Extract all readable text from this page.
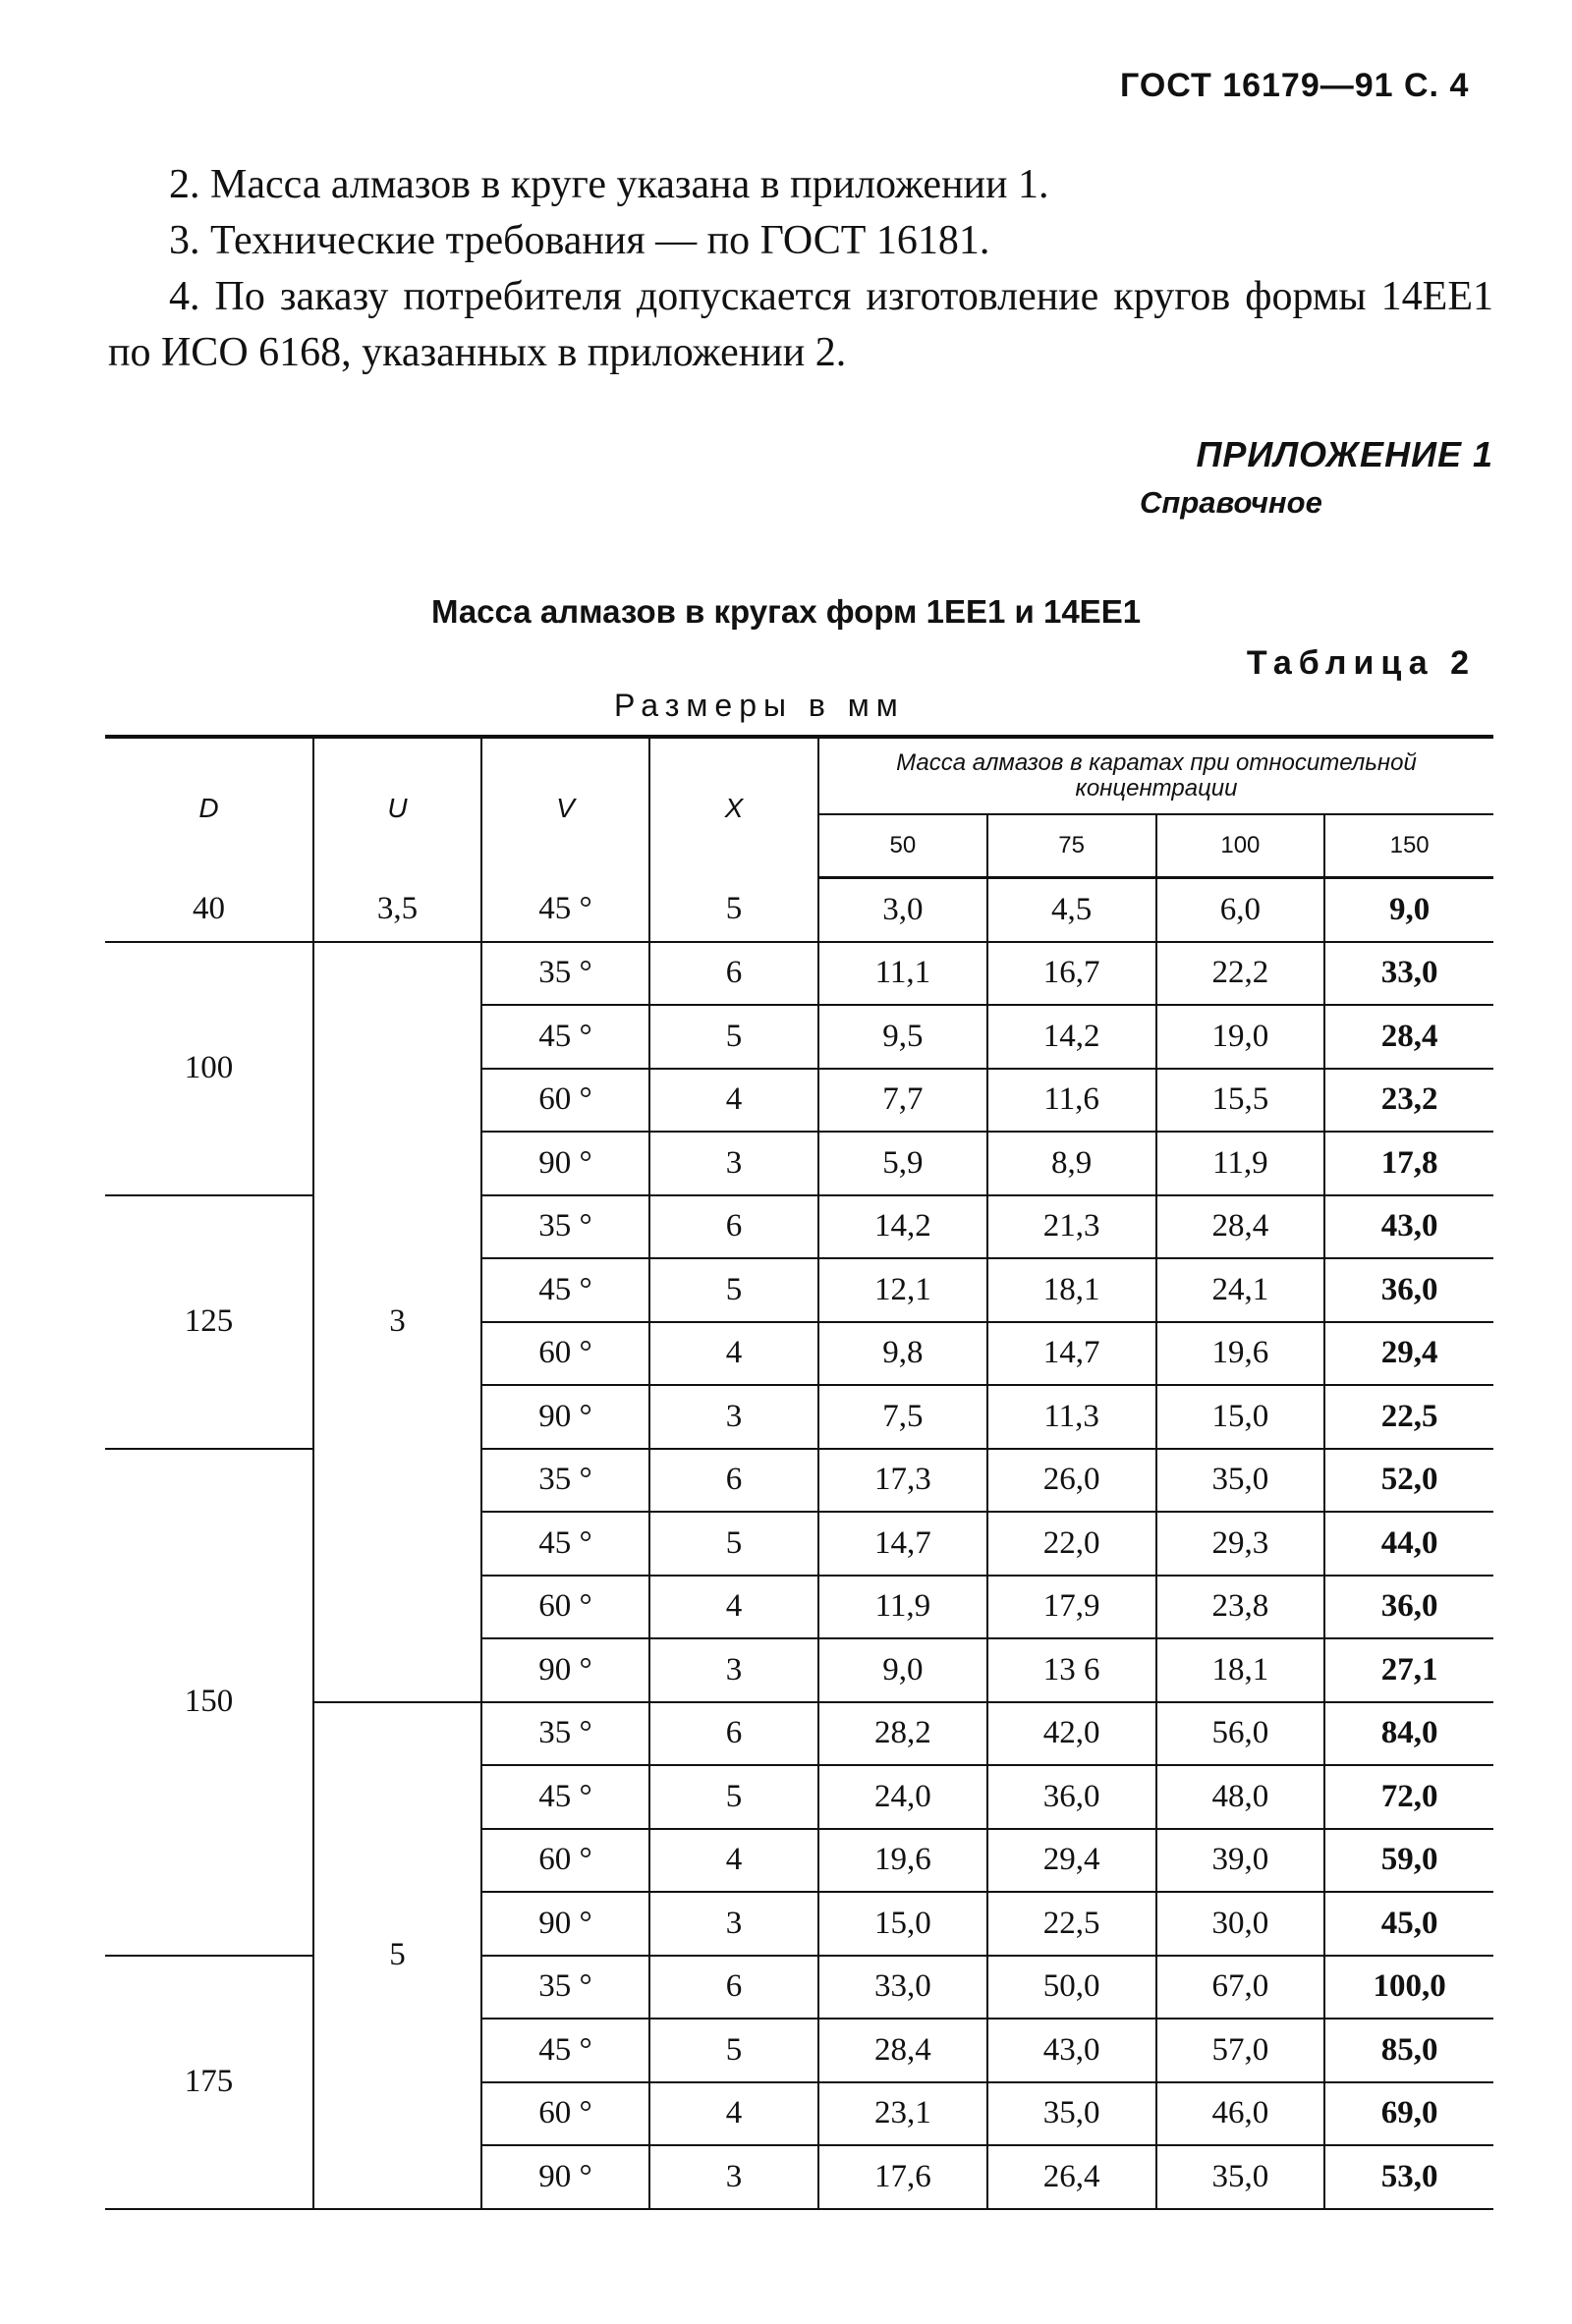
ГОСТ 16179—91 С. 4

2. Масса алмазов в круге указана в приложении 1.

3. Технические требования — по ГОСТ 16181.

4. По заказу потребителя допускается изготовление кругов формы 14EE1 по ИСО 6168, указанных в приложении 2.

ПРИЛОЖЕНИЕ 1
Справочное
Масса алмазов в кругах форм 1EE1 и 14EE1
Таблица 2
Размеры в мм
D	U	V	X	Масса алмазов в каратах при относительной концентрации			
				50	75	100	150
40	3,5	45 °	5	3,0	4,5	6,0	9,0
100	3	35 °	6	11,1	16,7	22,2	33,0
		45 °	5	9,5	14,2	19,0	28,4
		60 °	4	7,7	11,6	15,5	23,2
		90 °	3	5,9	8,9	11,9	17,8
125		35 °	6	14,2	21,3	28,4	43,0
		45 °	5	12,1	18,1	24,1	36,0
		60 °	4	9,8	14,7	19,6	29,4
		90 °	3	7,5	11,3	15,0	22,5
150		35 °	6	17,3	26,0	35,0	52,0
		45 °	5	14,7	22,0	29,3	44,0
		60 °	4	11,9	17,9	23,8	36,0
		90 °	3	9,0	13 6	18,1	27,1
	5	35 °	6	28,2	42,0	56,0	84,0
		45 °	5	24,0	36,0	48,0	72,0
		60 °	4	19,6	29,4	39,0	59,0
		90 °	3	15,0	22,5	30,0	45,0
175		35 °	6	33,0	50,0	67,0	100,0
		45 °	5	28,4	43,0	57,0	85,0
		60 °	4	23,1	35,0	46,0	69,0
		90 °	3	17,6	26,4	35,0	53,0
